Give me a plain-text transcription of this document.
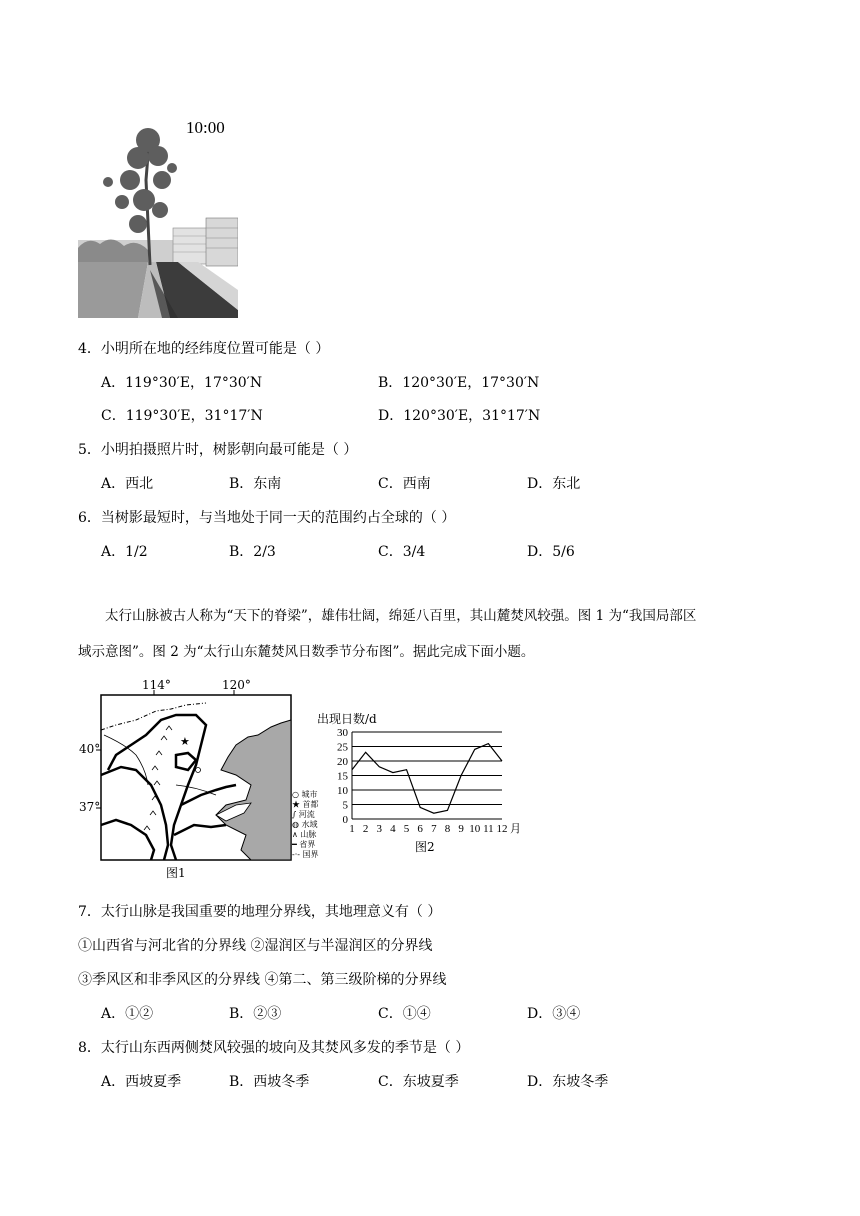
10:00
4．小明所在地的经纬度位置可能是（ ）
A．119°30′E，17°30′N	B．120°30′E，17°30′N
C．119°30′E，31°17′N	D．120°30′E，31°17′N
5．小明拍摄照片时，树影朝向最可能是（ ）
A．西北	B．东南	C．西南	D．东北
6．当树影最短时，与当地处于同一天的范围约占全球的（ ）
A．1/2	B．2/3	C．3/4	D．5/6
太行山脉被古人称为“天下的脊梁”，雄伟壮阔，绵延八百里，其山麓焚风较强。图 1 为“我国局部区
域示意图”。图 2 为“太行山东麓焚风日数季节分布图”。据此完成下面小题。
★
114°	120°
40°
37°
图1
○ 城市
★ 首都
∫ 河流
◍ 水域
∧ 山脉
━ 省界
-·- 国界
出现日数/d
0
5
10
15
20
25
30
1 2 3 4 5 6 7 8 9 10 11 12 月
图2
7．太行山脉是我国重要的地理分界线，其地理意义有（ ）
①山西省与河北省的分界线 ②湿润区与半湿润区的分界线
③季风区和非季风区的分界线 ④第二、第三级阶梯的分界线
A．①②	B．②③	C．①④	D．③④
8．太行山东西两侧焚风较强的坡向及其焚风多发的季节是（ ）
A．西坡夏季	B．西坡冬季	C．东坡夏季	D．东坡冬季
